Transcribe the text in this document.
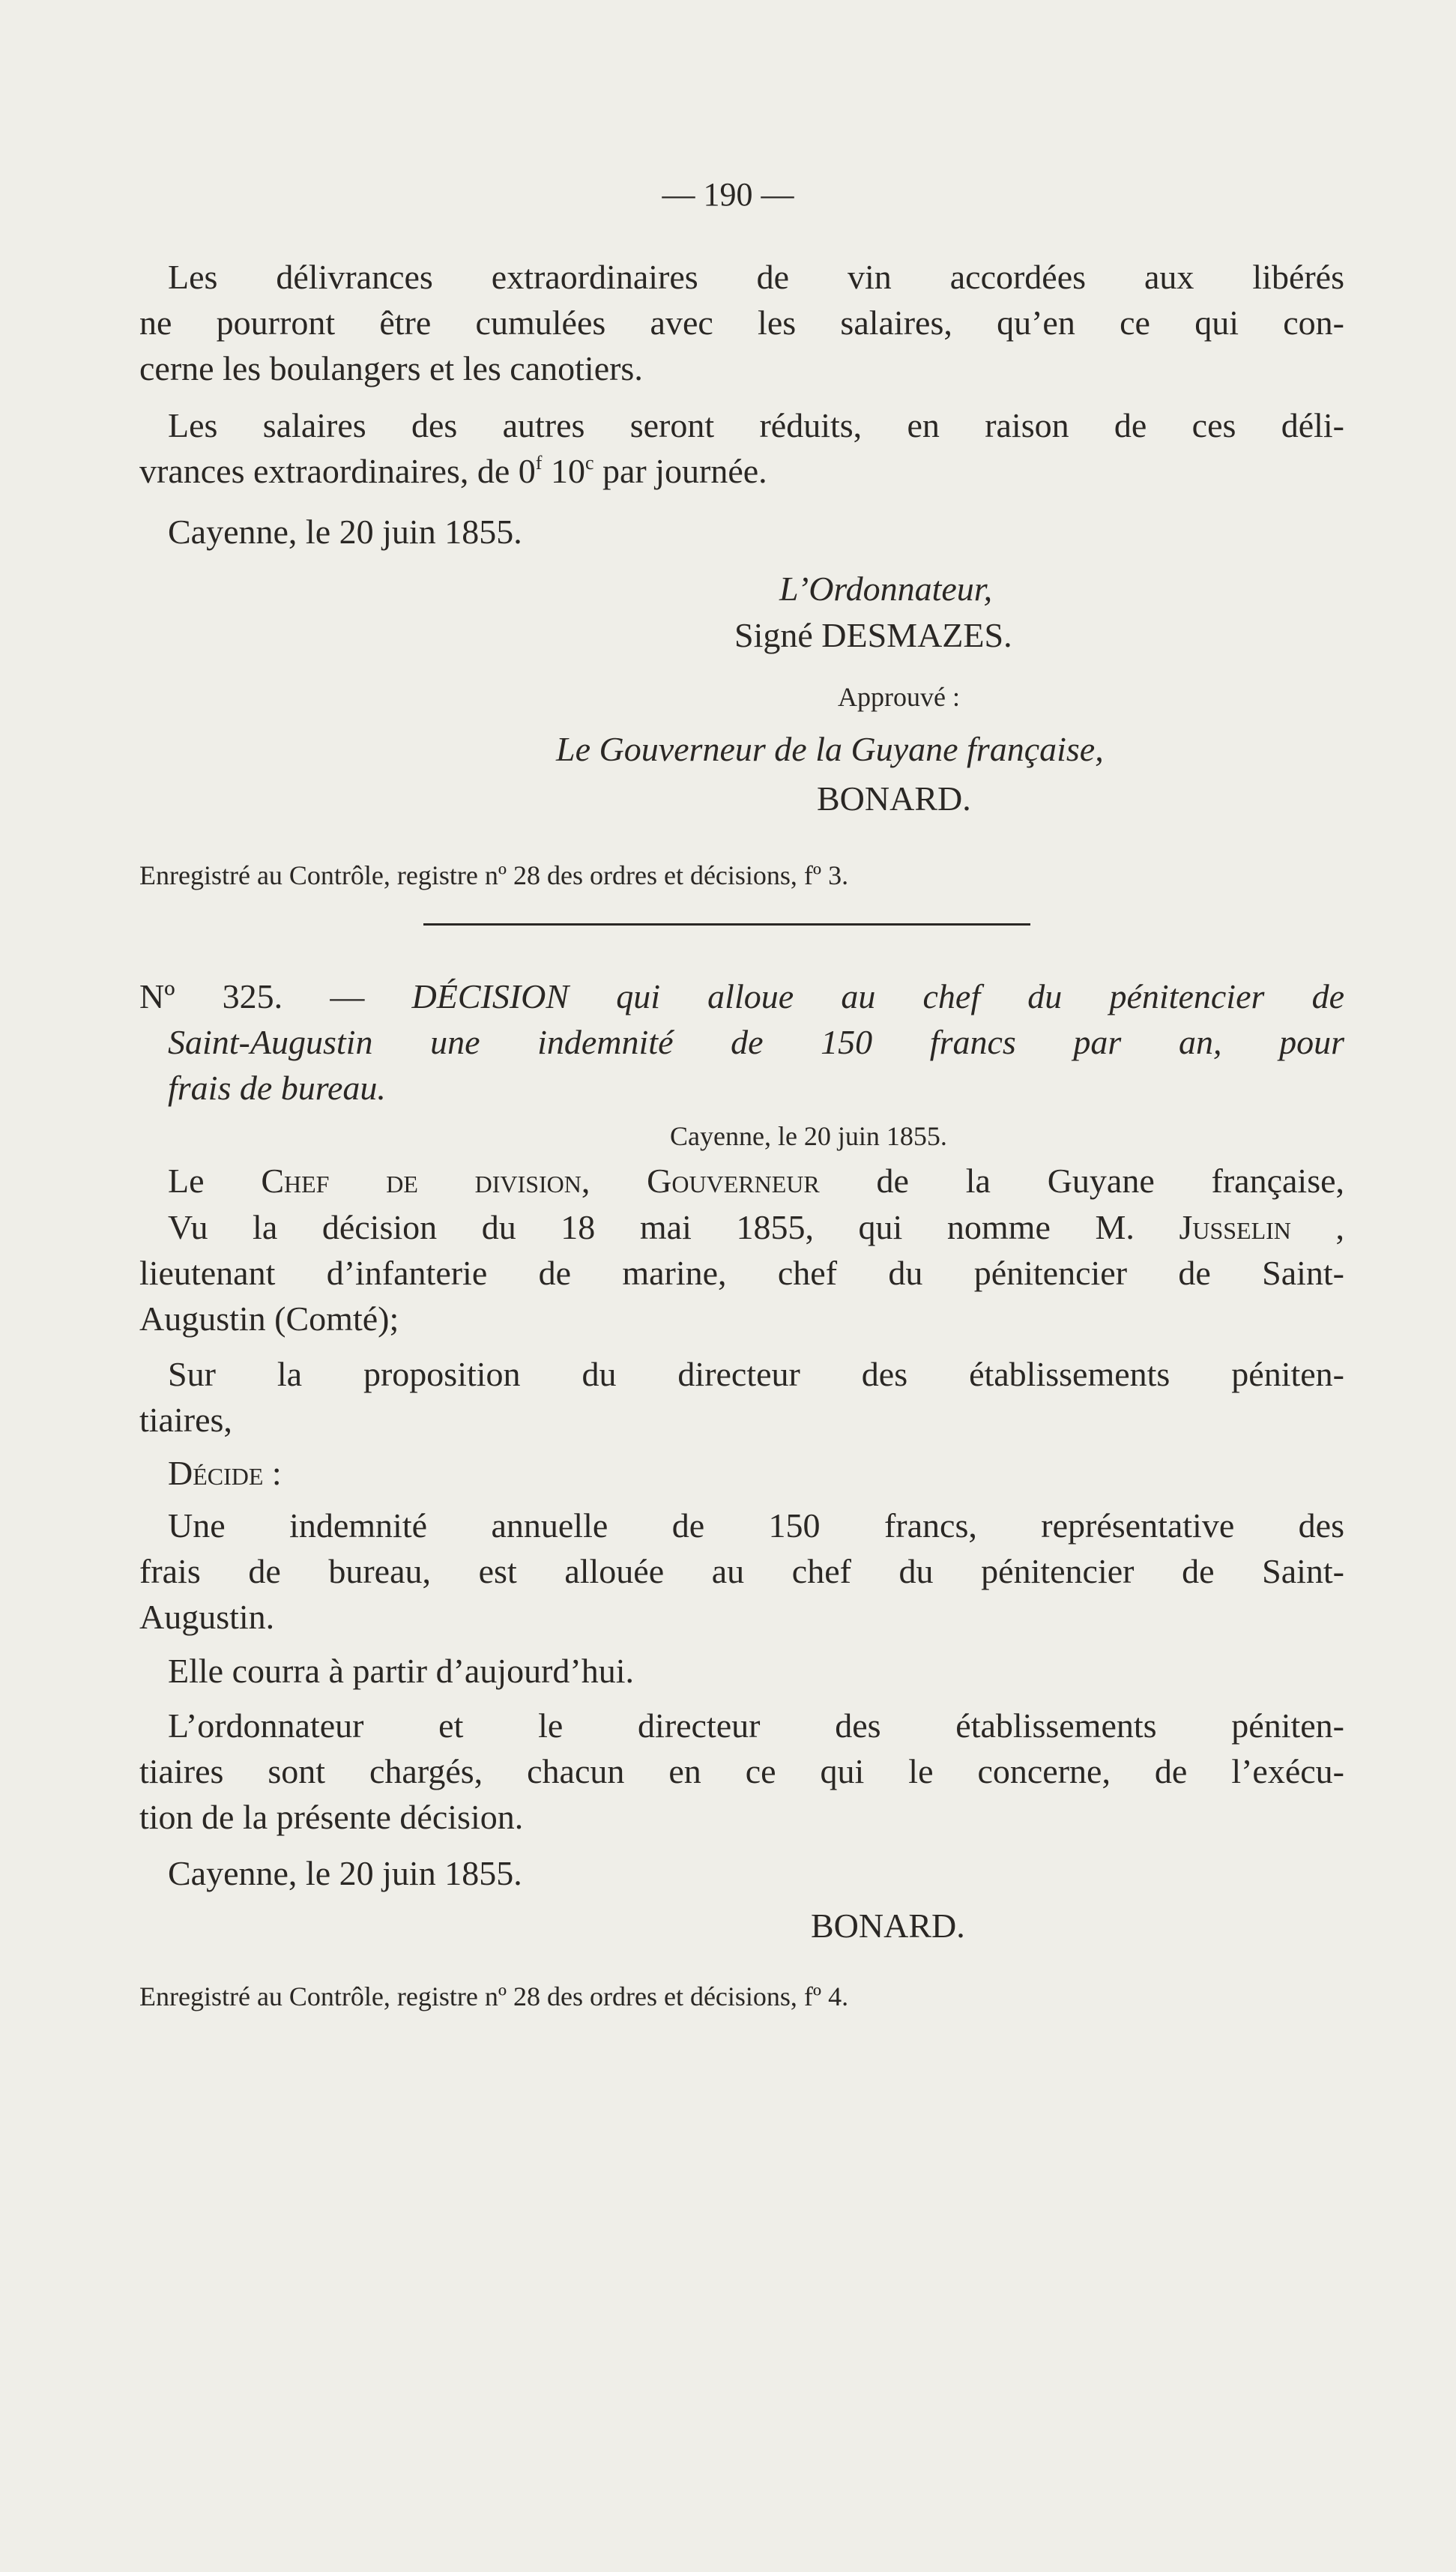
— 190 —
Les délivrances extraordinaires de vin accordées aux libérés
ne pourront être cumulées avec les salaires, qu’en ce qui con-
cerne les boulangers et les canotiers.
Les salaires des autres seront réduits, en raison de ces déli-
vrances extraordinaires, de 0$^f$ 10$^c$ par journée.
Cayenne, le 20 juin 1855.
L’Ordonnateur,
Signé DESMAZES.
Approuvé :
Le Gouverneur de la Guyane française,
BONARD.
Enregistré au Contrôle, registre nº 28 des ordres et décisions, fº 3.
Nº 325. — DÉCISION qui alloue au chef du pénitencier de
Saint-Augustin une indemnité de 150 francs par an, pour
frais de bureau.
Cayenne, le 20 juin 1855.
Le Chef de division, Gouverneur de la Guyane française,
Vu la décision du 18 mai 1855, qui nomme M. Jusselin ,
lieutenant d’infanterie de marine, chef du pénitencier de Saint-
Augustin (Comté);
Sur la proposition du directeur des établissements péniten-
tiaires,
Décide :
Une indemnité annuelle de 150 francs, représentative des
frais de bureau, est allouée au chef du pénitencier de Saint-
Augustin.
Elle courra à partir d’aujourd’hui.
L’ordonnateur et le directeur des établissements péniten-
tiaires sont chargés, chacun en ce qui le concerne, de l’exécu-
tion de la présente décision.
Cayenne, le 20 juin 1855.
BONARD.
Enregistré au Contrôle, registre nº 28 des ordres et décisions, fº 4.
